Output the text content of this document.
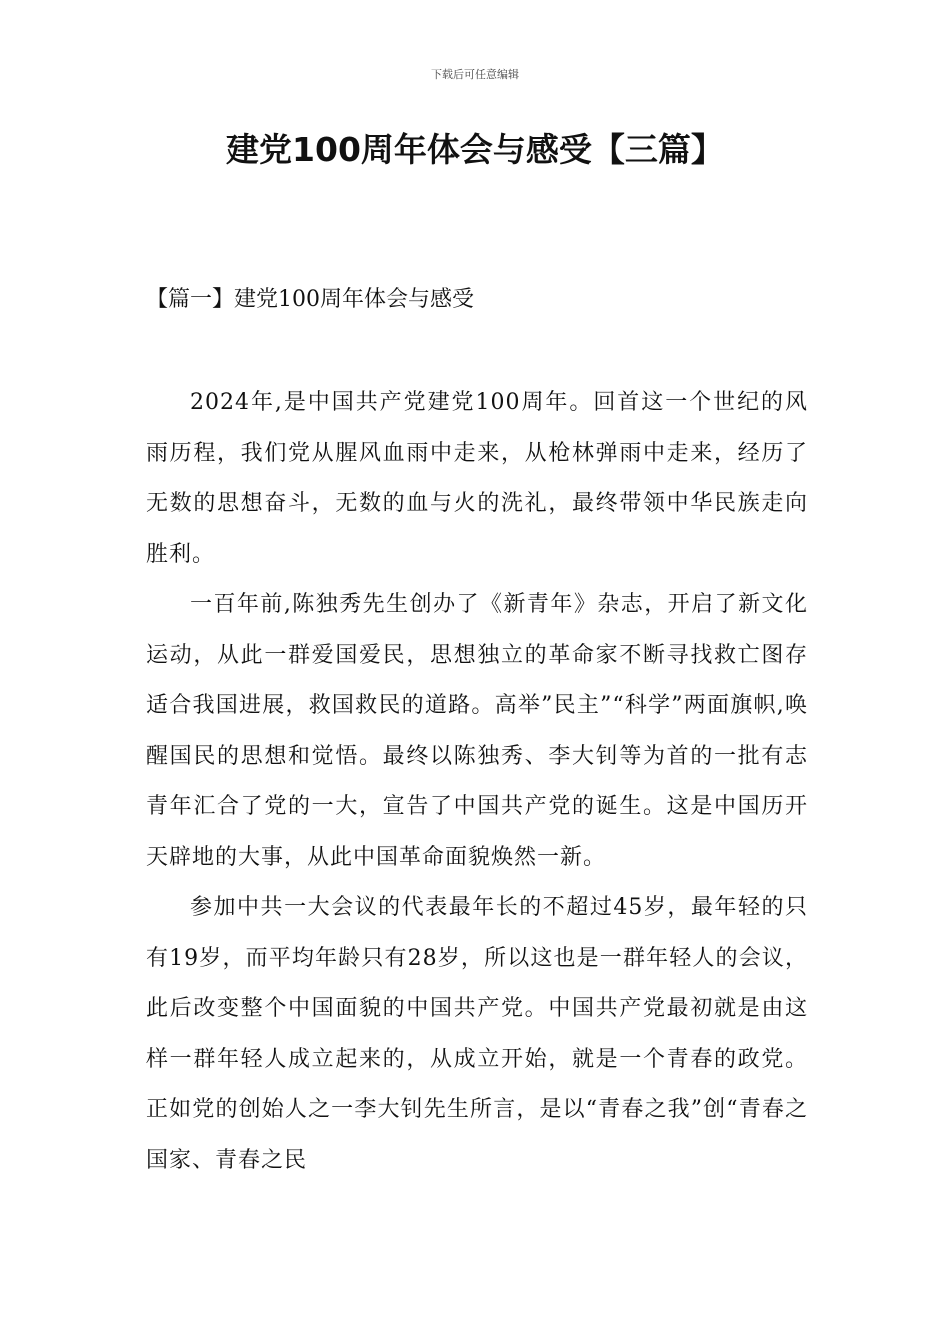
下载后可任意编辑
建党100周年体会与感受【三篇】
【篇一】建党100周年体会与感受

2024年,是中国共产党建党100周年。回首这一个世纪的风雨历程，我们党从腥风血雨中走来，从枪林弹雨中走来，经历了无数的思想奋斗，无数的血与火的洗礼，最终带领中华民族走向胜利。

一百年前,陈独秀先生创办了《新青年》杂志，开启了新文化运动，从此一群爱国爱民，思想独立的革命家不断寻找救亡图存适合我国进展，救国救民的道路。高举”民主”“科学”两面旗帜,唤醒国民的思想和觉悟。最终以陈独秀、李大钊等为首的一批有志青年汇合了党的一大，宣告了中国共产党的诞生。这是中国历开天辟地的大事，从此中国革命面貌焕然一新。

参加中共一大会议的代表最年长的不超过45岁，最年轻的只有19岁，而平均年龄只有28岁，所以这也是一群年轻人的会议，此后改变整个中国面貌的中国共产党。中国共产党最初就是由这样一群年轻人成立起来的，从成立开始，就是一个青春的政党。正如党的创始人之一李大钊先生所言，是以“青春之我”创“青春之国家、青春之民
